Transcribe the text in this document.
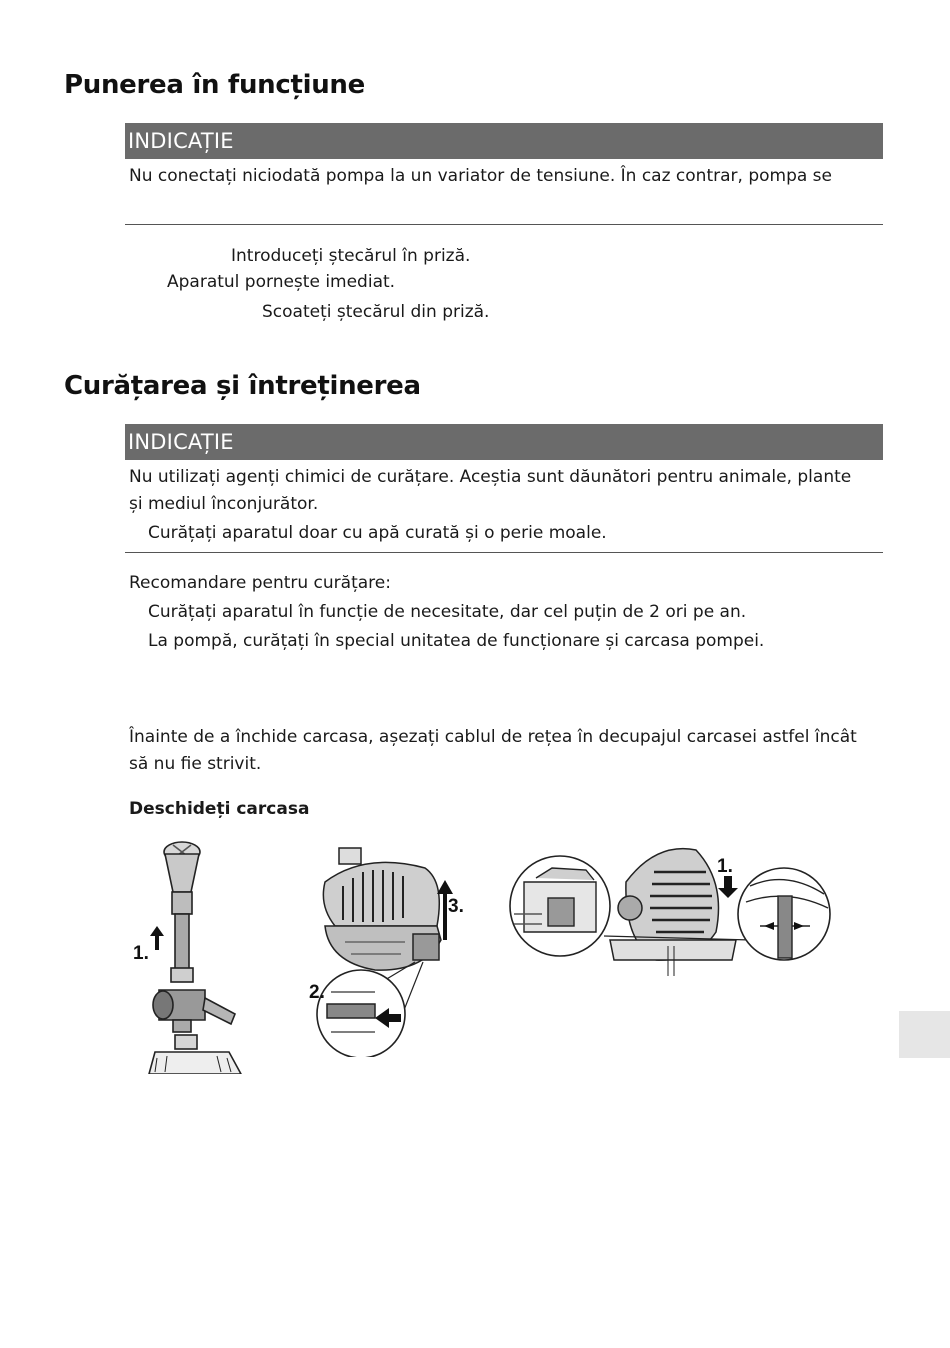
Punerea în funcțiune
INDICAȚIE
Nu conectați niciodată pompa la un variator de tensiune. În caz contrar, pompa se
Introduceți ștecărul în priză.
Aparatul pornește imediat.
Scoateți ștecărul din priză.
Curățarea și întreținerea
INDICAȚIE
Nu utilizați agenți chimici de curățare. Aceștia sunt dăunători pentru animale, plante
și mediul înconjurător.
Curățați aparatul doar cu apă curată și o perie moale.
Recomandare pentru curățare:
Curățați aparatul în funcție de necesitate, dar cel puțin de 2 ori pe an.
La pompă, curățați în special unitatea de funcționare și carcasa pompei.
Înainte de a închide carcasa, așezați cablul de rețea în decupajul carcasei astfel încât
să nu fie strivit.
Deschideți carcasa
1.
3.
2.
1.
